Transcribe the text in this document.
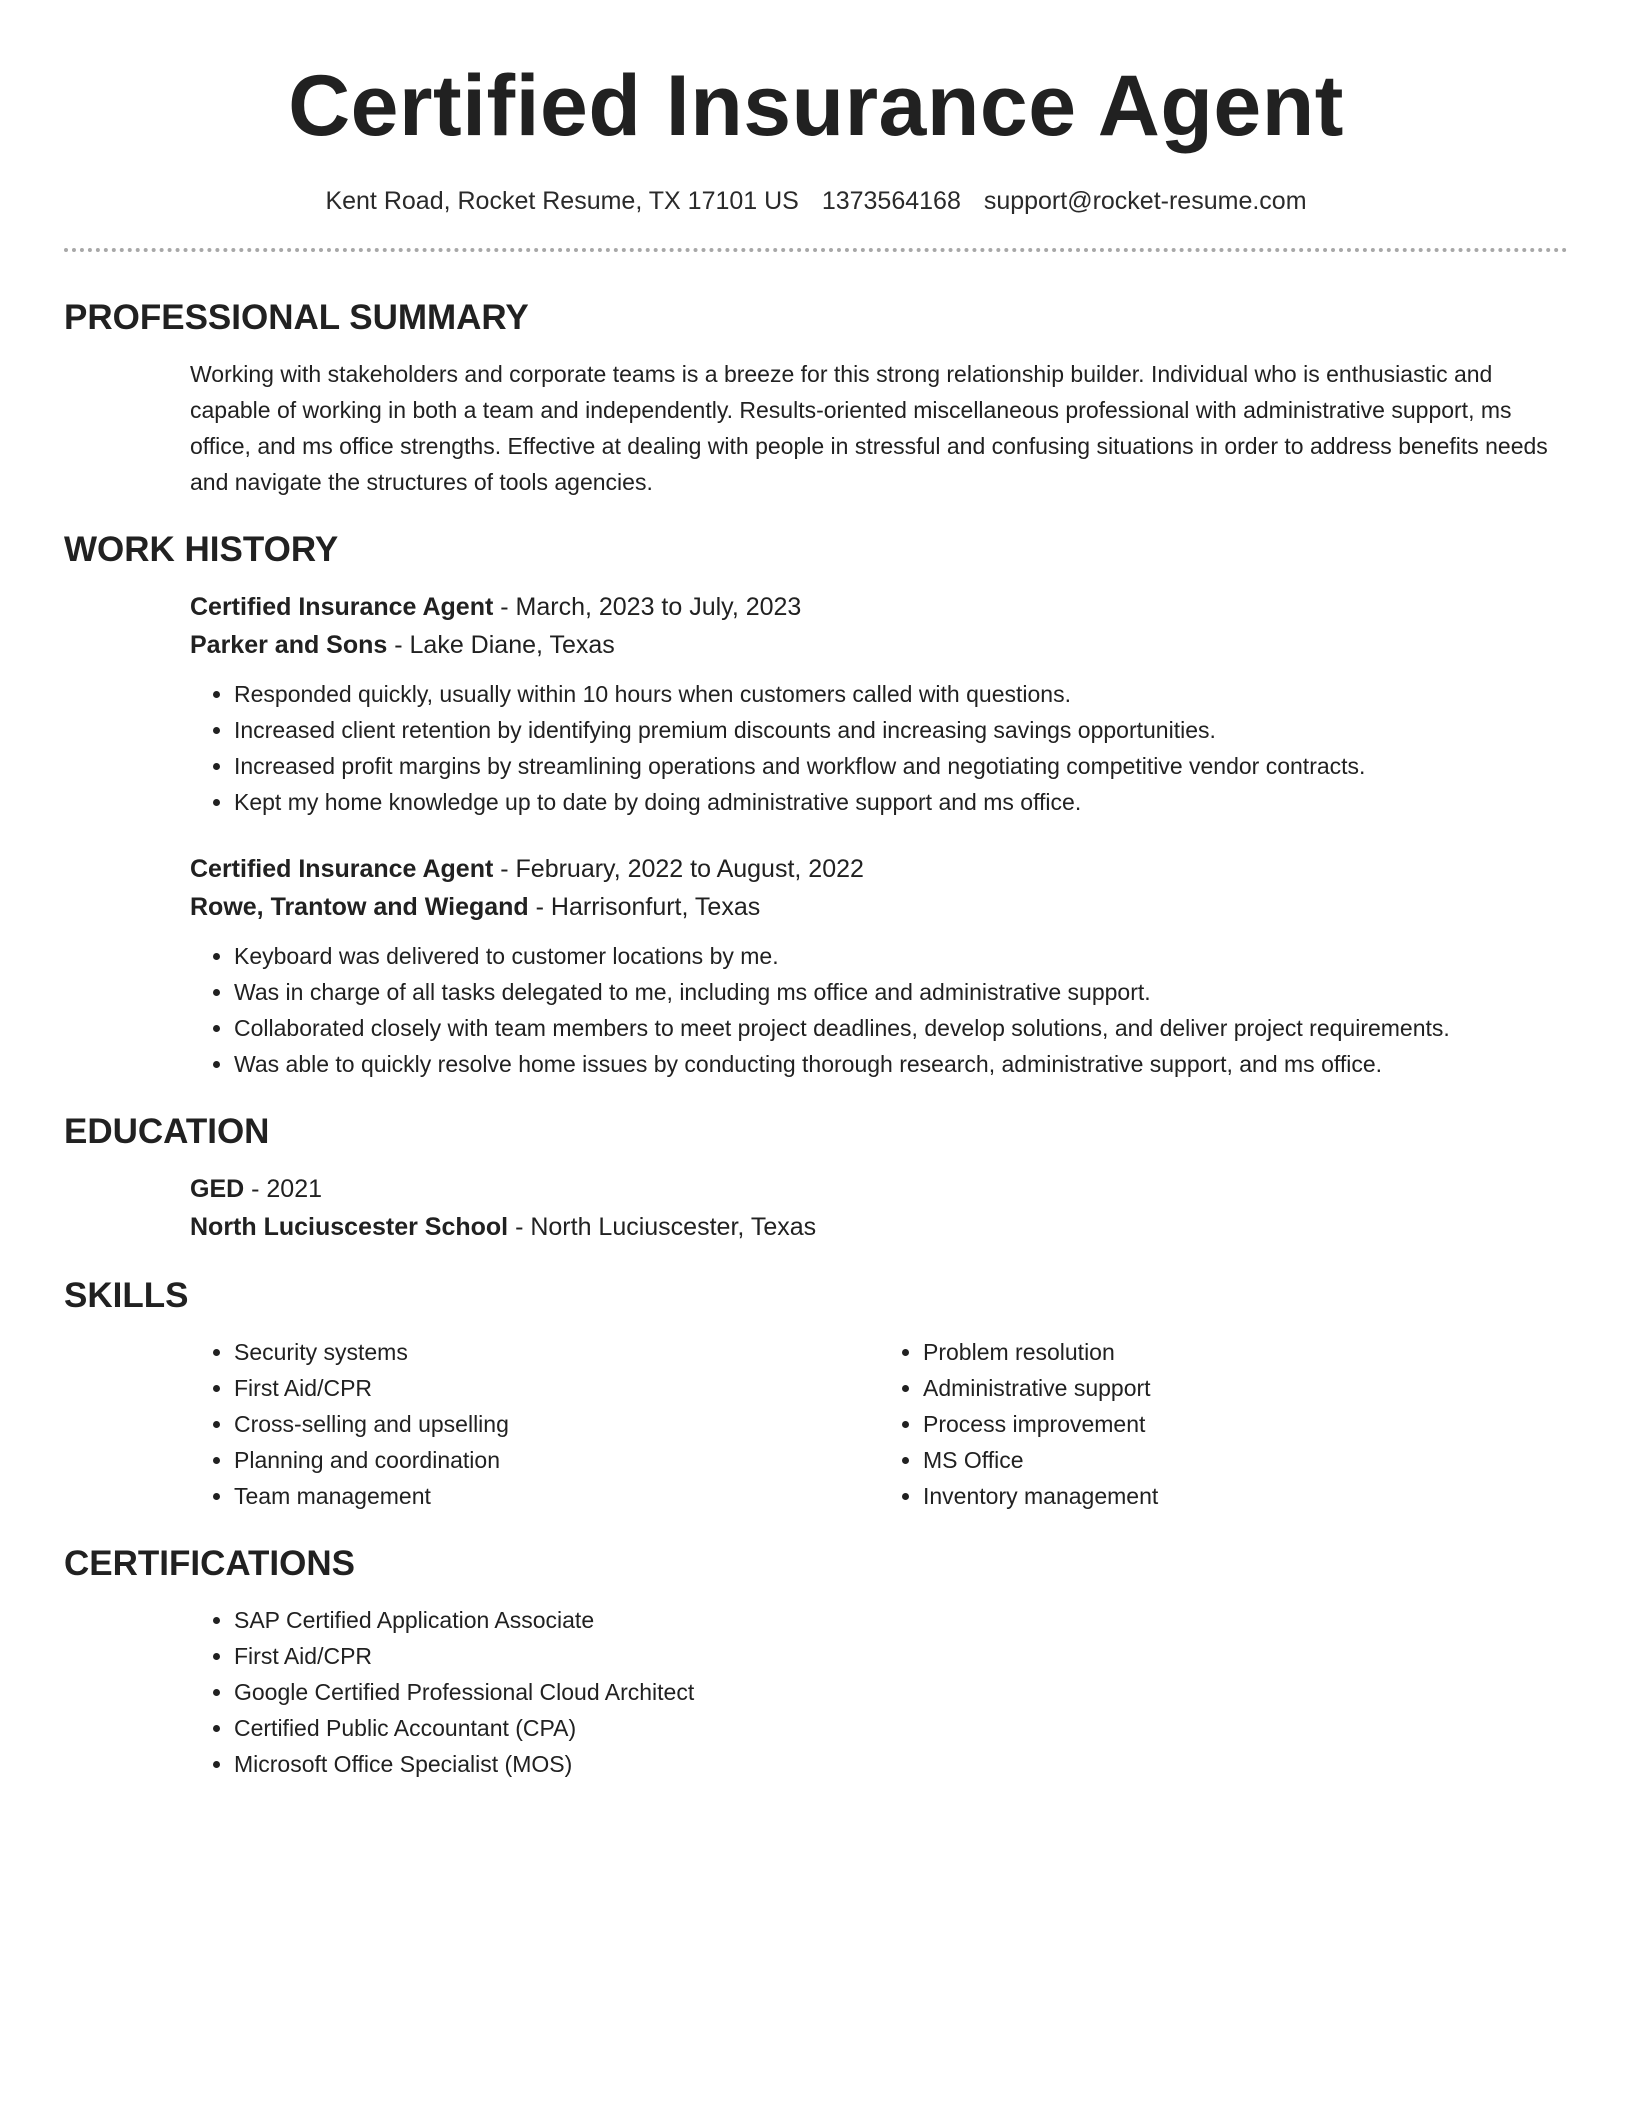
Certified Insurance Agent
Kent Road, Rocket Resume, TX 17101 US 1373564168 support@rocket-resume.com
PROFESSIONAL SUMMARY
Working with stakeholders and corporate teams is a breeze for this strong relationship builder. Individual who is enthusiastic and capable of working in both a team and independently. Results-oriented miscellaneous professional with administrative support, ms office, and ms office strengths. Effective at dealing with people in stressful and confusing situations in order to address benefits needs and navigate the structures of tools agencies.
WORK HISTORY
Certified Insurance Agent - March, 2023 to July, 2023
Parker and Sons - Lake Diane, Texas
• Responded quickly, usually within 10 hours when customers called with questions.
• Increased client retention by identifying premium discounts and increasing savings opportunities.
• Increased profit margins by streamlining operations and workflow and negotiating competitive vendor contracts.
• Kept my home knowledge up to date by doing administrative support and ms office.
Certified Insurance Agent - February, 2022 to August, 2022
Rowe, Trantow and Wiegand - Harrisonfurt, Texas
• Keyboard was delivered to customer locations by me.
• Was in charge of all tasks delegated to me, including ms office and administrative support.
• Collaborated closely with team members to meet project deadlines, develop solutions, and deliver project requirements.
• Was able to quickly resolve home issues by conducting thorough research, administrative support, and ms office.
EDUCATION
GED - 2021
North Luciuscester School - North Luciuscester, Texas
SKILLS
• Security systems
• First Aid/CPR
• Cross-selling and upselling
• Planning and coordination
• Team management
• Problem resolution
• Administrative support
• Process improvement
• MS Office
• Inventory management
CERTIFICATIONS
• SAP Certified Application Associate
• First Aid/CPR
• Google Certified Professional Cloud Architect
• Certified Public Accountant (CPA)
• Microsoft Office Specialist (MOS)
